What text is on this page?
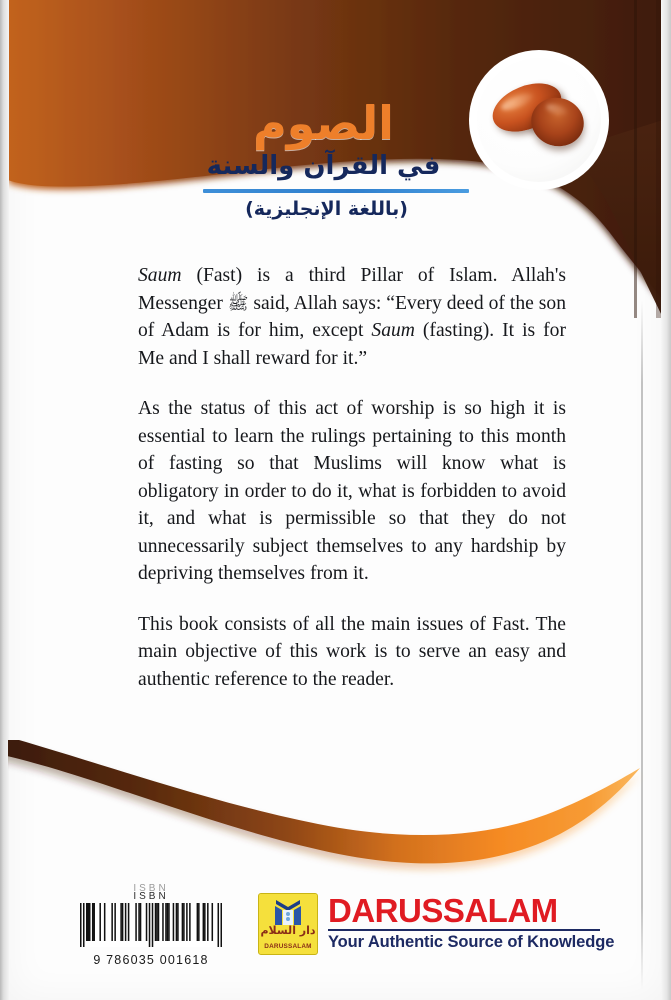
الصوم
في القرآن والسنة
(باللغة الإنجليزية)

Saum (Fast) is a third Pillar of Islam. Allah's Messenger ﷺ said, Allah says: “Every deed of the son of Adam is for him, except Saum (fasting). It is for Me and I shall reward for it.”

As the status of this act of worship is so high it is essential to learn the rulings pertaining to this month of fasting so that Muslims will know what is obligatory in order to do it, what is forbidden to avoid it, and what is permissible so that they do not unnecessarily subject themselves to any hardship by depriving themselves from it.

This book consists of all the main issues of Fast. The main objective of this work is to serve an easy and authentic reference to the reader.

ISBN
ISBN
9 786035 001618
دار السلام
DARUSSALAM
DARUSSALAM
Your Authentic Source of Knowledge
